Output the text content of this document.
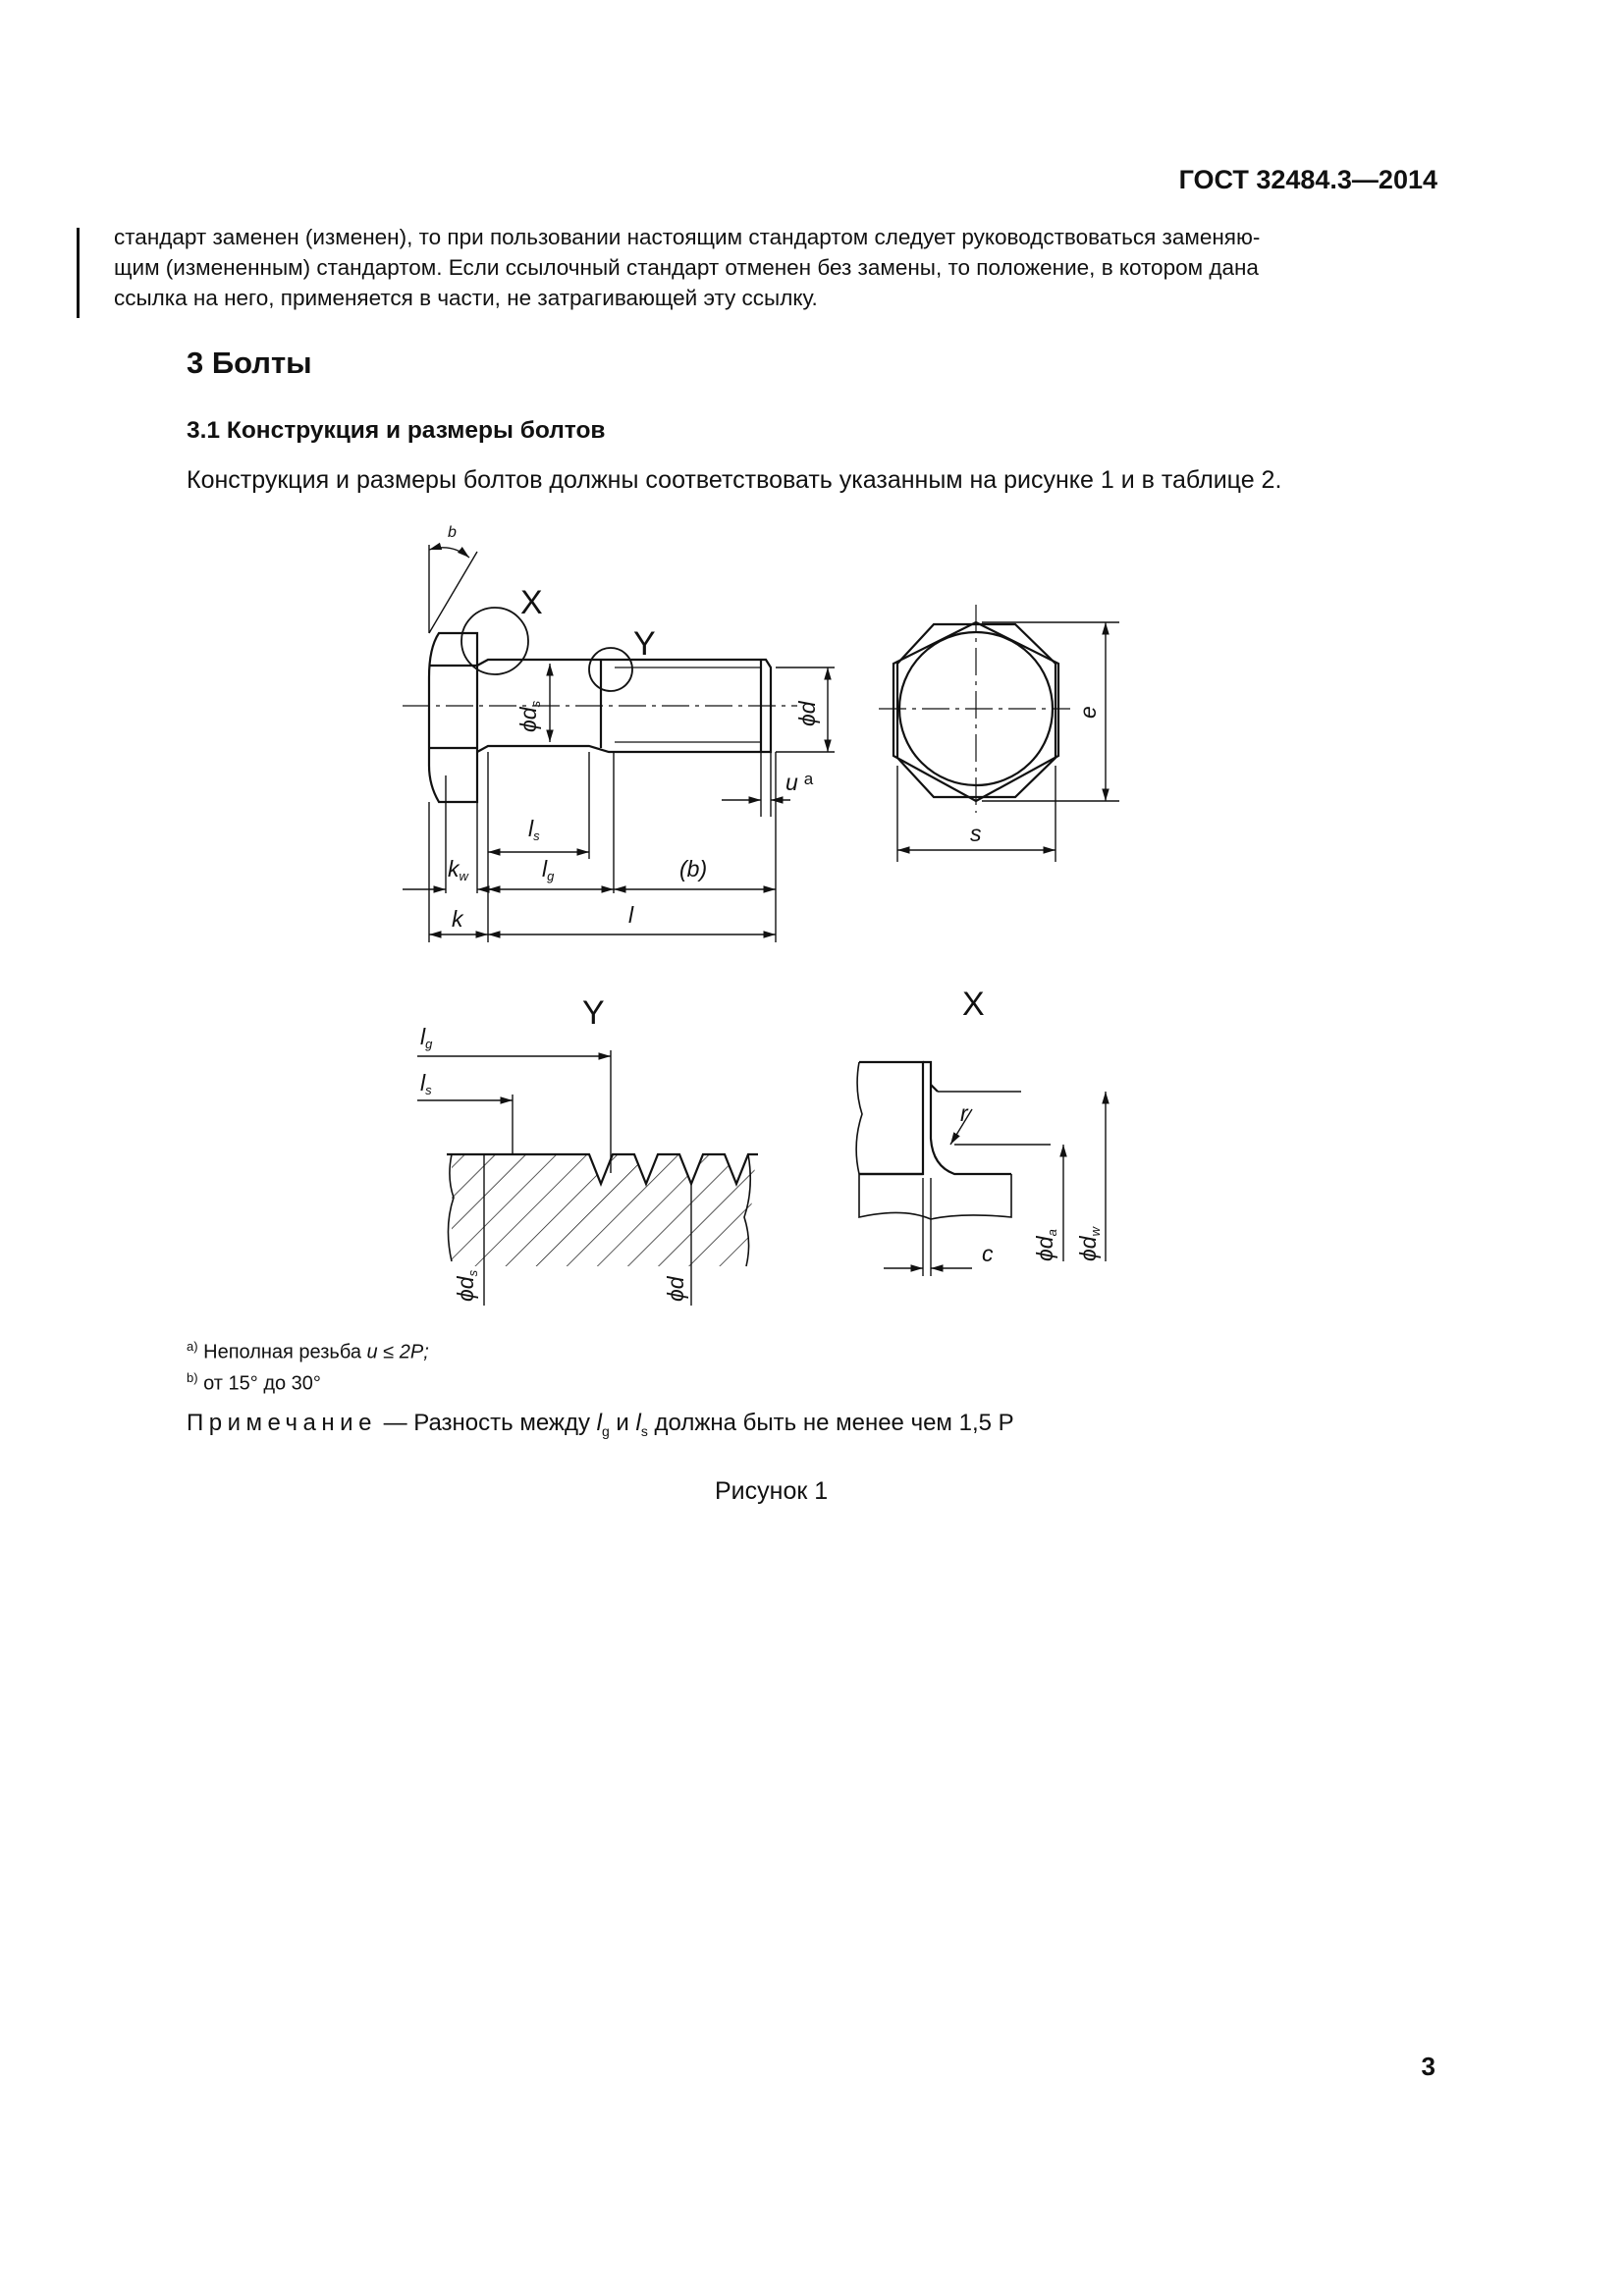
ГОСТ 32484.3—2014
стандарт заменен (изменен), то при пользовании настоящим стандартом следует руководствоваться заменяю-
щим (измененным) стандартом. Если ссылочный стандарт отменен без замены, то положение, в котором дана
ссылка на него, применяется в части, не затрагивающей эту ссылку.
3 Болты
3.1 Конструкция и размеры болтов
Конструкция и размеры болтов должны соответствовать указанным на рисунке 1 и в таблице 2.
X
Y
b
ϕds	ϕd	e
s
u $^a$
ls
lg	(b)
kw
k	l
Y
lg
ls
ϕds
ϕd
X
r
c ϕda
ϕdw
$^{a)}$ Неполная резьба u ≤ 2P;
$^{b)}$ от 15° до 30°
Примечание — Разность между $l_g$ и $l_s$ должна быть не менее чем 1,5 Р
Рисунок 1
3
